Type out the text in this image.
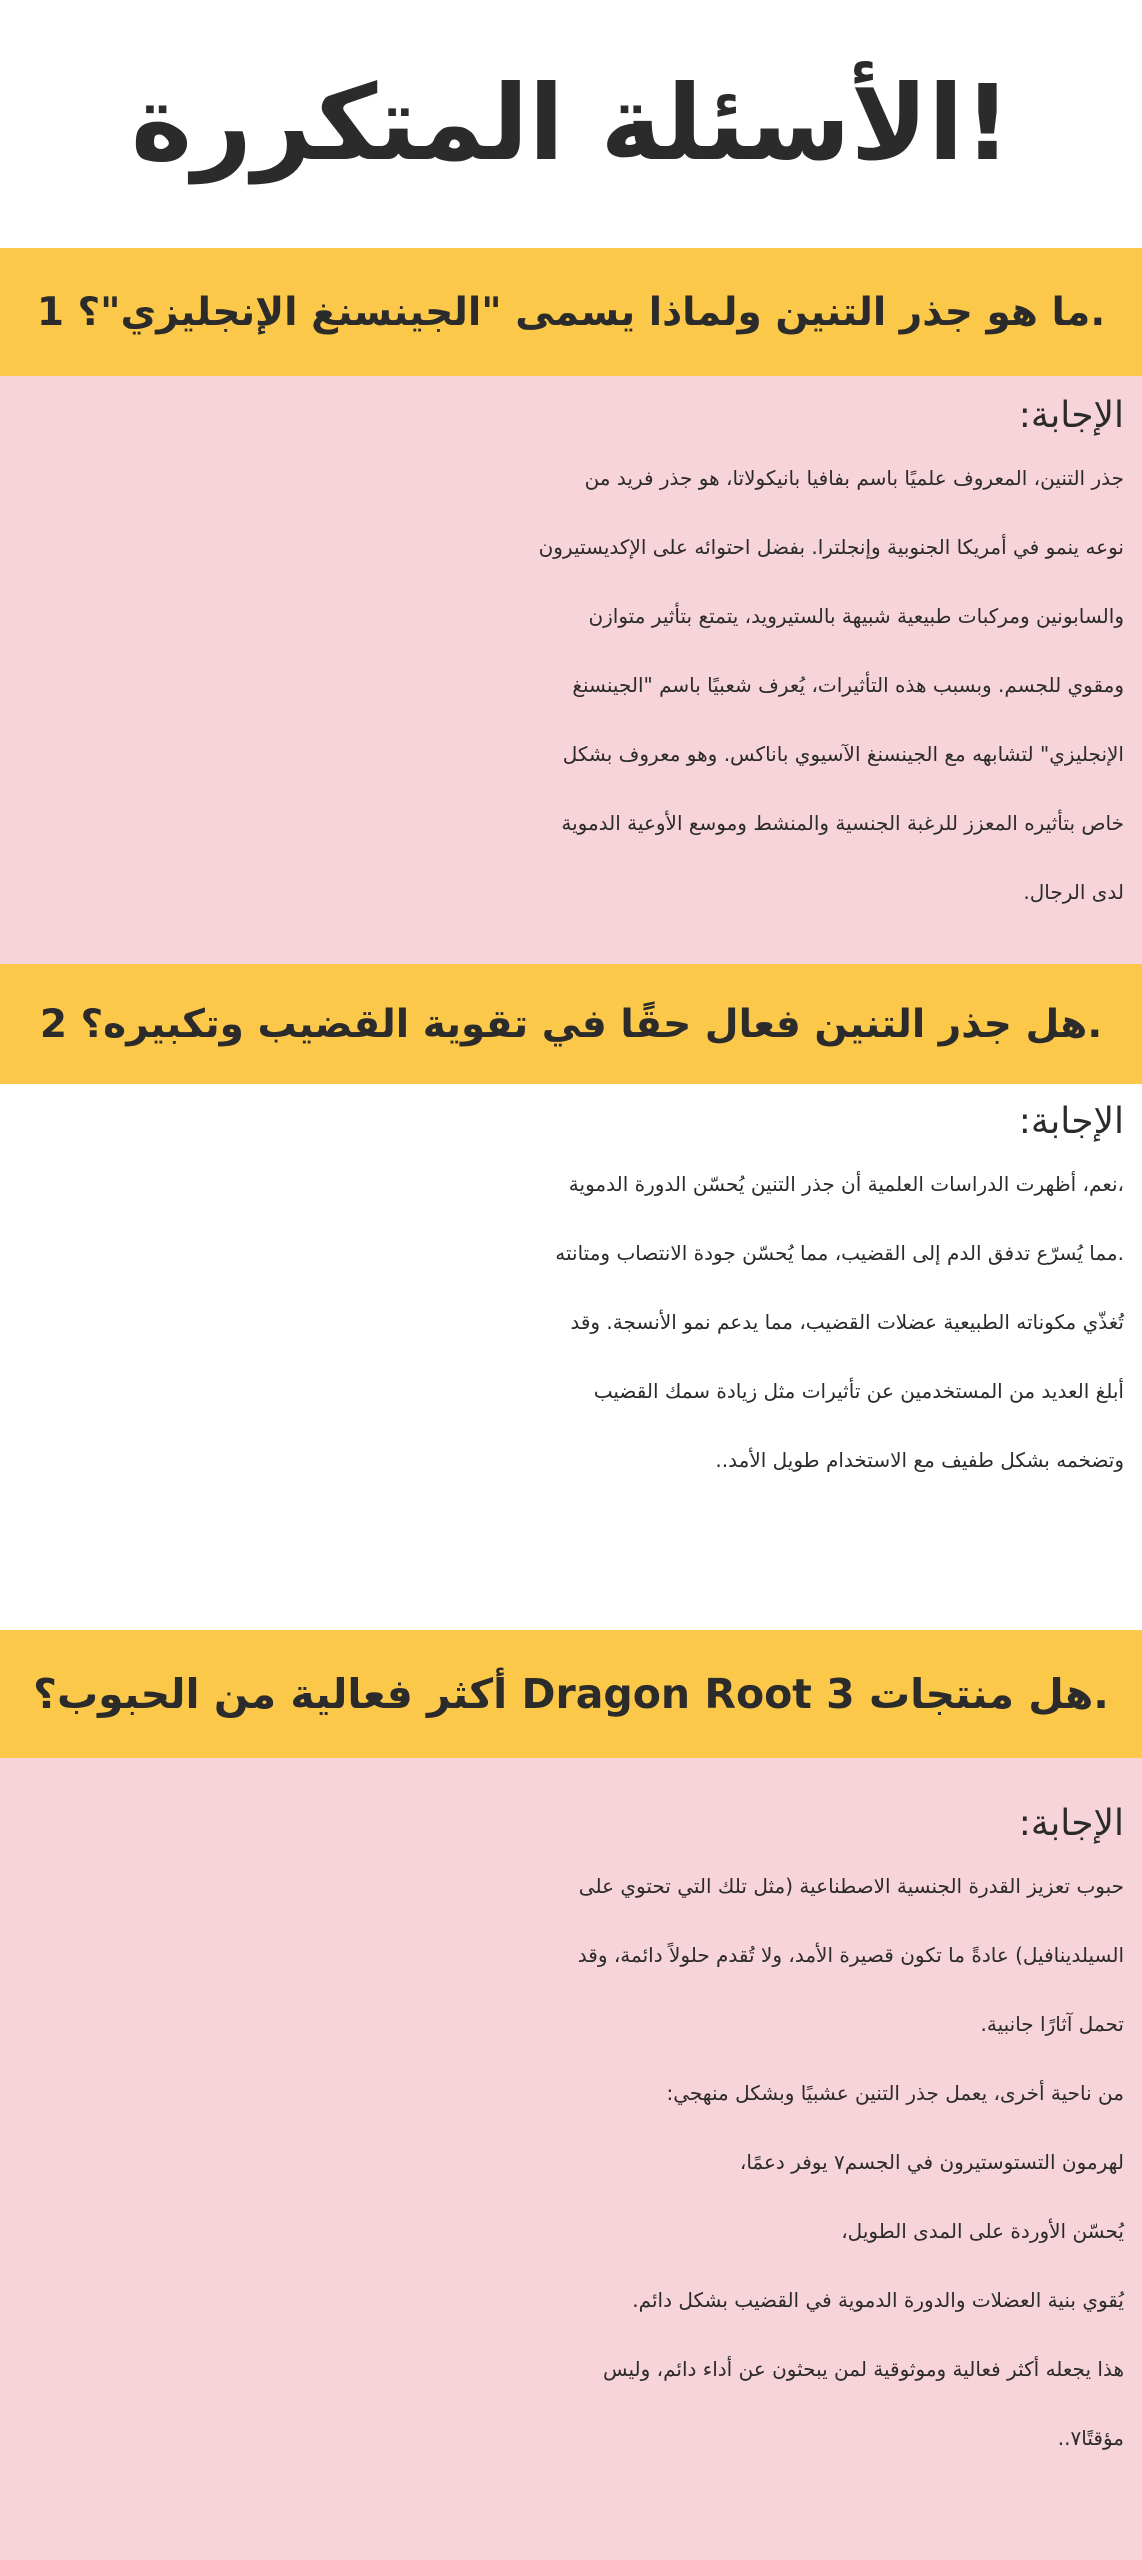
الأسئلة المتكررة!
ما هو جذر التنين ولماذا يسمى "الجينسنغ الإنجليزي"؟ 1.
:الإجابة
جذر التنين، المعروف علميًا باسم بفافيا بانيكولاتا، هو جذر فريد من
نوعه ينمو في أمريكا الجنوبية وإنجلترا. بفضل احتوائه على الإكديستيرون
والسابونين ومركبات طبيعية شبيهة بالستيرويد، يتمتع بتأثير متوازن
ومقوي للجسم. وبسبب هذه التأثيرات، يُعرف شعبيًا باسم "الجينسنغ
الإنجليزي" لتشابهه مع الجينسنغ الآسيوي باناكس. وهو معروف بشكل
خاص بتأثيره المعزز للرغبة الجنسية والمنشط وموسع الأوعية الدموية
.لدى الرجال
هل جذر التنين فعال حقًا في تقوية القضيب وتكبيره؟ 2.
:الإجابة
نعم، أظهرت الدراسات العلمية أن جذر التنين يُحسّن الدورة الدموية،
مما يُسرّع تدفق الدم إلى القضيب، مما يُحسّن جودة الانتصاب ومتانته.
تُغذّي مكوناته الطبيعية عضلات القضيب، مما يدعم نمو الأنسجة. وقد
أبلغ العديد من المستخدمين عن تأثيرات مثل زيادة سمك القضيب
..وتضخمه بشكل طفيف مع الاستخدام طويل الأمد
أكثر فعالية من الحبوب؟ Dragon Root هل منتجات 3.
:الإجابة
حبوب تعزيز القدرة الجنسية الاصطناعية (مثل تلك التي تحتوي على
السيلدينافيل) عادةً ما تكون قصيرة الأمد، ولا تُقدم حلولاً دائمة، وقد
.تحمل آثارًا جانبية
:من ناحية أخرى، يعمل جذر التنين عشبيًا وبشكل منهجي
،لهرمون التستوستيرون في الجسم٧ يوفر دعمًا
،يُحسّن الأوردة على المدى الطويل
.يُقوي بنية العضلات والدورة الدموية في القضيب بشكل دائم
هذا يجعله أكثر فعالية وموثوقية لمن يبحثون عن أداء دائم، وليس
..مؤقتًا٧
